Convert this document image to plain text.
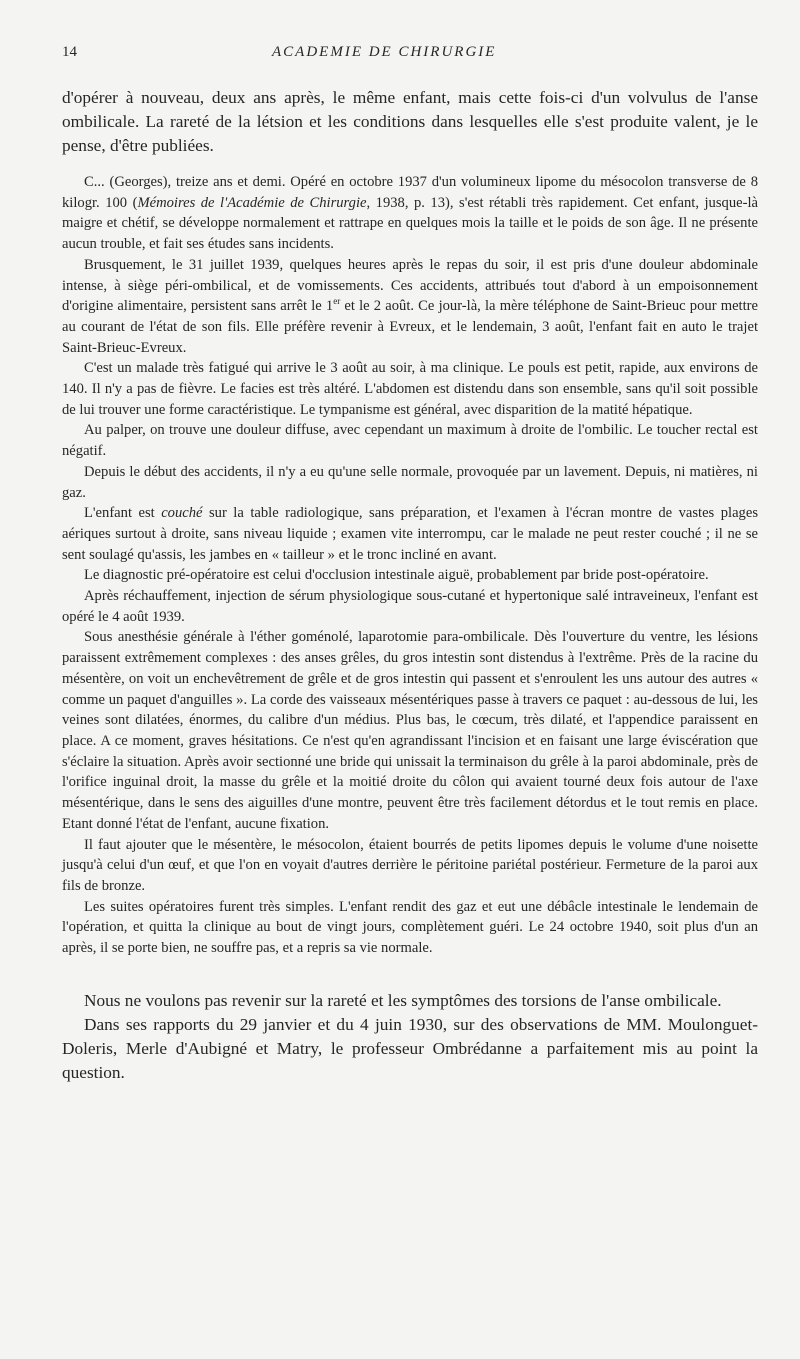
14	ACADEMIE DE CHIRURGIE

d'opérer à nouveau, deux ans après, le même enfant, mais cette fois-ci d'un volvulus de l'anse ombilicale. La rareté de la létsion et les conditions dans lesquelles elle s'est produite valent, je le pense, d'être publiées.

C... (Georges), treize ans et demi. Opéré en octobre 1937 d'un volumineux lipome du mésocolon transverse de 8 kilogr. 100 (Mémoires de l'Académie de Chirurgie, 1938, p. 13), s'est rétabli très rapidement. Cet enfant, jusque-là maigre et chétif, se développe normalement et rattrape en quelques mois la taille et le poids de son âge. Il ne présente aucun trouble, et fait ses études sans incidents.

Brusquement, le 31 juillet 1939, quelques heures après le repas du soir, il est pris d'une douleur abdominale intense, à siège péri-ombilical, et de vomissements. Ces accidents, attribués tout d'abord à un empoisonnement d'origine alimentaire, persistent sans arrêt le 1er et le 2 août. Ce jour-là, la mère téléphone de Saint-Brieuc pour mettre au courant de l'état de son fils. Elle préfère revenir à Evreux, et le lendemain, 3 août, l'enfant fait en auto le trajet Saint-Brieuc-Evreux.

C'est un malade très fatigué qui arrive le 3 août au soir, à ma clinique. Le pouls est petit, rapide, aux environs de 140. Il n'y a pas de fièvre. Le facies est très altéré. L'abdomen est distendu dans son ensemble, sans qu'il soit possible de lui trouver une forme caractéristique. Le tympanisme est général, avec disparition de la matité hépatique.

Au palper, on trouve une douleur diffuse, avec cependant un maximum à droite de l'ombilic. Le toucher rectal est négatif.

Depuis le début des accidents, il n'y a eu qu'une selle normale, provoquée par un lavement. Depuis, ni matières, ni gaz.

L'enfant est couché sur la table radiologique, sans préparation, et l'examen à l'écran montre de vastes plages aériques surtout à droite, sans niveau liquide ; examen vite interrompu, car le malade ne peut rester couché ; il ne se sent soulagé qu'assis, les jambes en « tailleur » et le tronc incliné en avant.

Le diagnostic pré-opératoire est celui d'occlusion intestinale aiguë, probablement par bride post-opératoire.

Après réchauffement, injection de sérum physiologique sous-cutané et hypertonique salé intraveineux, l'enfant est opéré le 4 août 1939.

Sous anesthésie générale à l'éther goménolé, laparotomie para-ombilicale. Dès l'ouverture du ventre, les lésions paraissent extrêmement complexes : des anses grêles, du gros intestin sont distendus à l'extrême. Près de la racine du mésentère, on voit un enchevêtrement de grêle et de gros intestin qui passent et s'enroulent les uns autour des autres « comme un paquet d'anguilles ». La corde des vaisseaux mésentériques passe à travers ce paquet : au-dessous de lui, les veines sont dilatées, énormes, du calibre d'un médius. Plus bas, le cœcum, très dilaté, et l'appendice paraissent en place. A ce moment, graves hésitations. Ce n'est qu'en agrandissant l'incision et en faisant une large éviscération que s'éclaire la situation. Après avoir sectionné une bride qui unissait la terminaison du grêle à la paroi abdominale, près de l'orifice inguinal droit, la masse du grêle et la moitié droite du côlon qui avaient tourné deux fois autour de l'axe mésentérique, dans le sens des aiguilles d'une montre, peuvent être très facilement détordus et le tout remis en place. Etant donné l'état de l'enfant, aucune fixation.

Il faut ajouter que le mésentère, le mésocolon, étaient bourrés de petits lipomes depuis le volume d'une noisette jusqu'à celui d'un œuf, et que l'on en voyait d'autres derrière le péritoine pariétal postérieur. Fermeture de la paroi aux fils de bronze.

Les suites opératoires furent très simples. L'enfant rendit des gaz et eut une débâcle intestinale le lendemain de l'opération, et quitta la clinique au bout de vingt jours, complètement guéri. Le 24 octobre 1940, soit plus d'un an après, il se porte bien, ne souffre pas, et a repris sa vie normale.

Nous ne voulons pas revenir sur la rareté et les symptômes des torsions de l'anse ombilicale.

Dans ses rapports du 29 janvier et du 4 juin 1930, sur des observations de MM. Moulonguet-Doleris, Merle d'Aubigné et Matry, le professeur Ombrédanne a parfaitement mis au point la question.
